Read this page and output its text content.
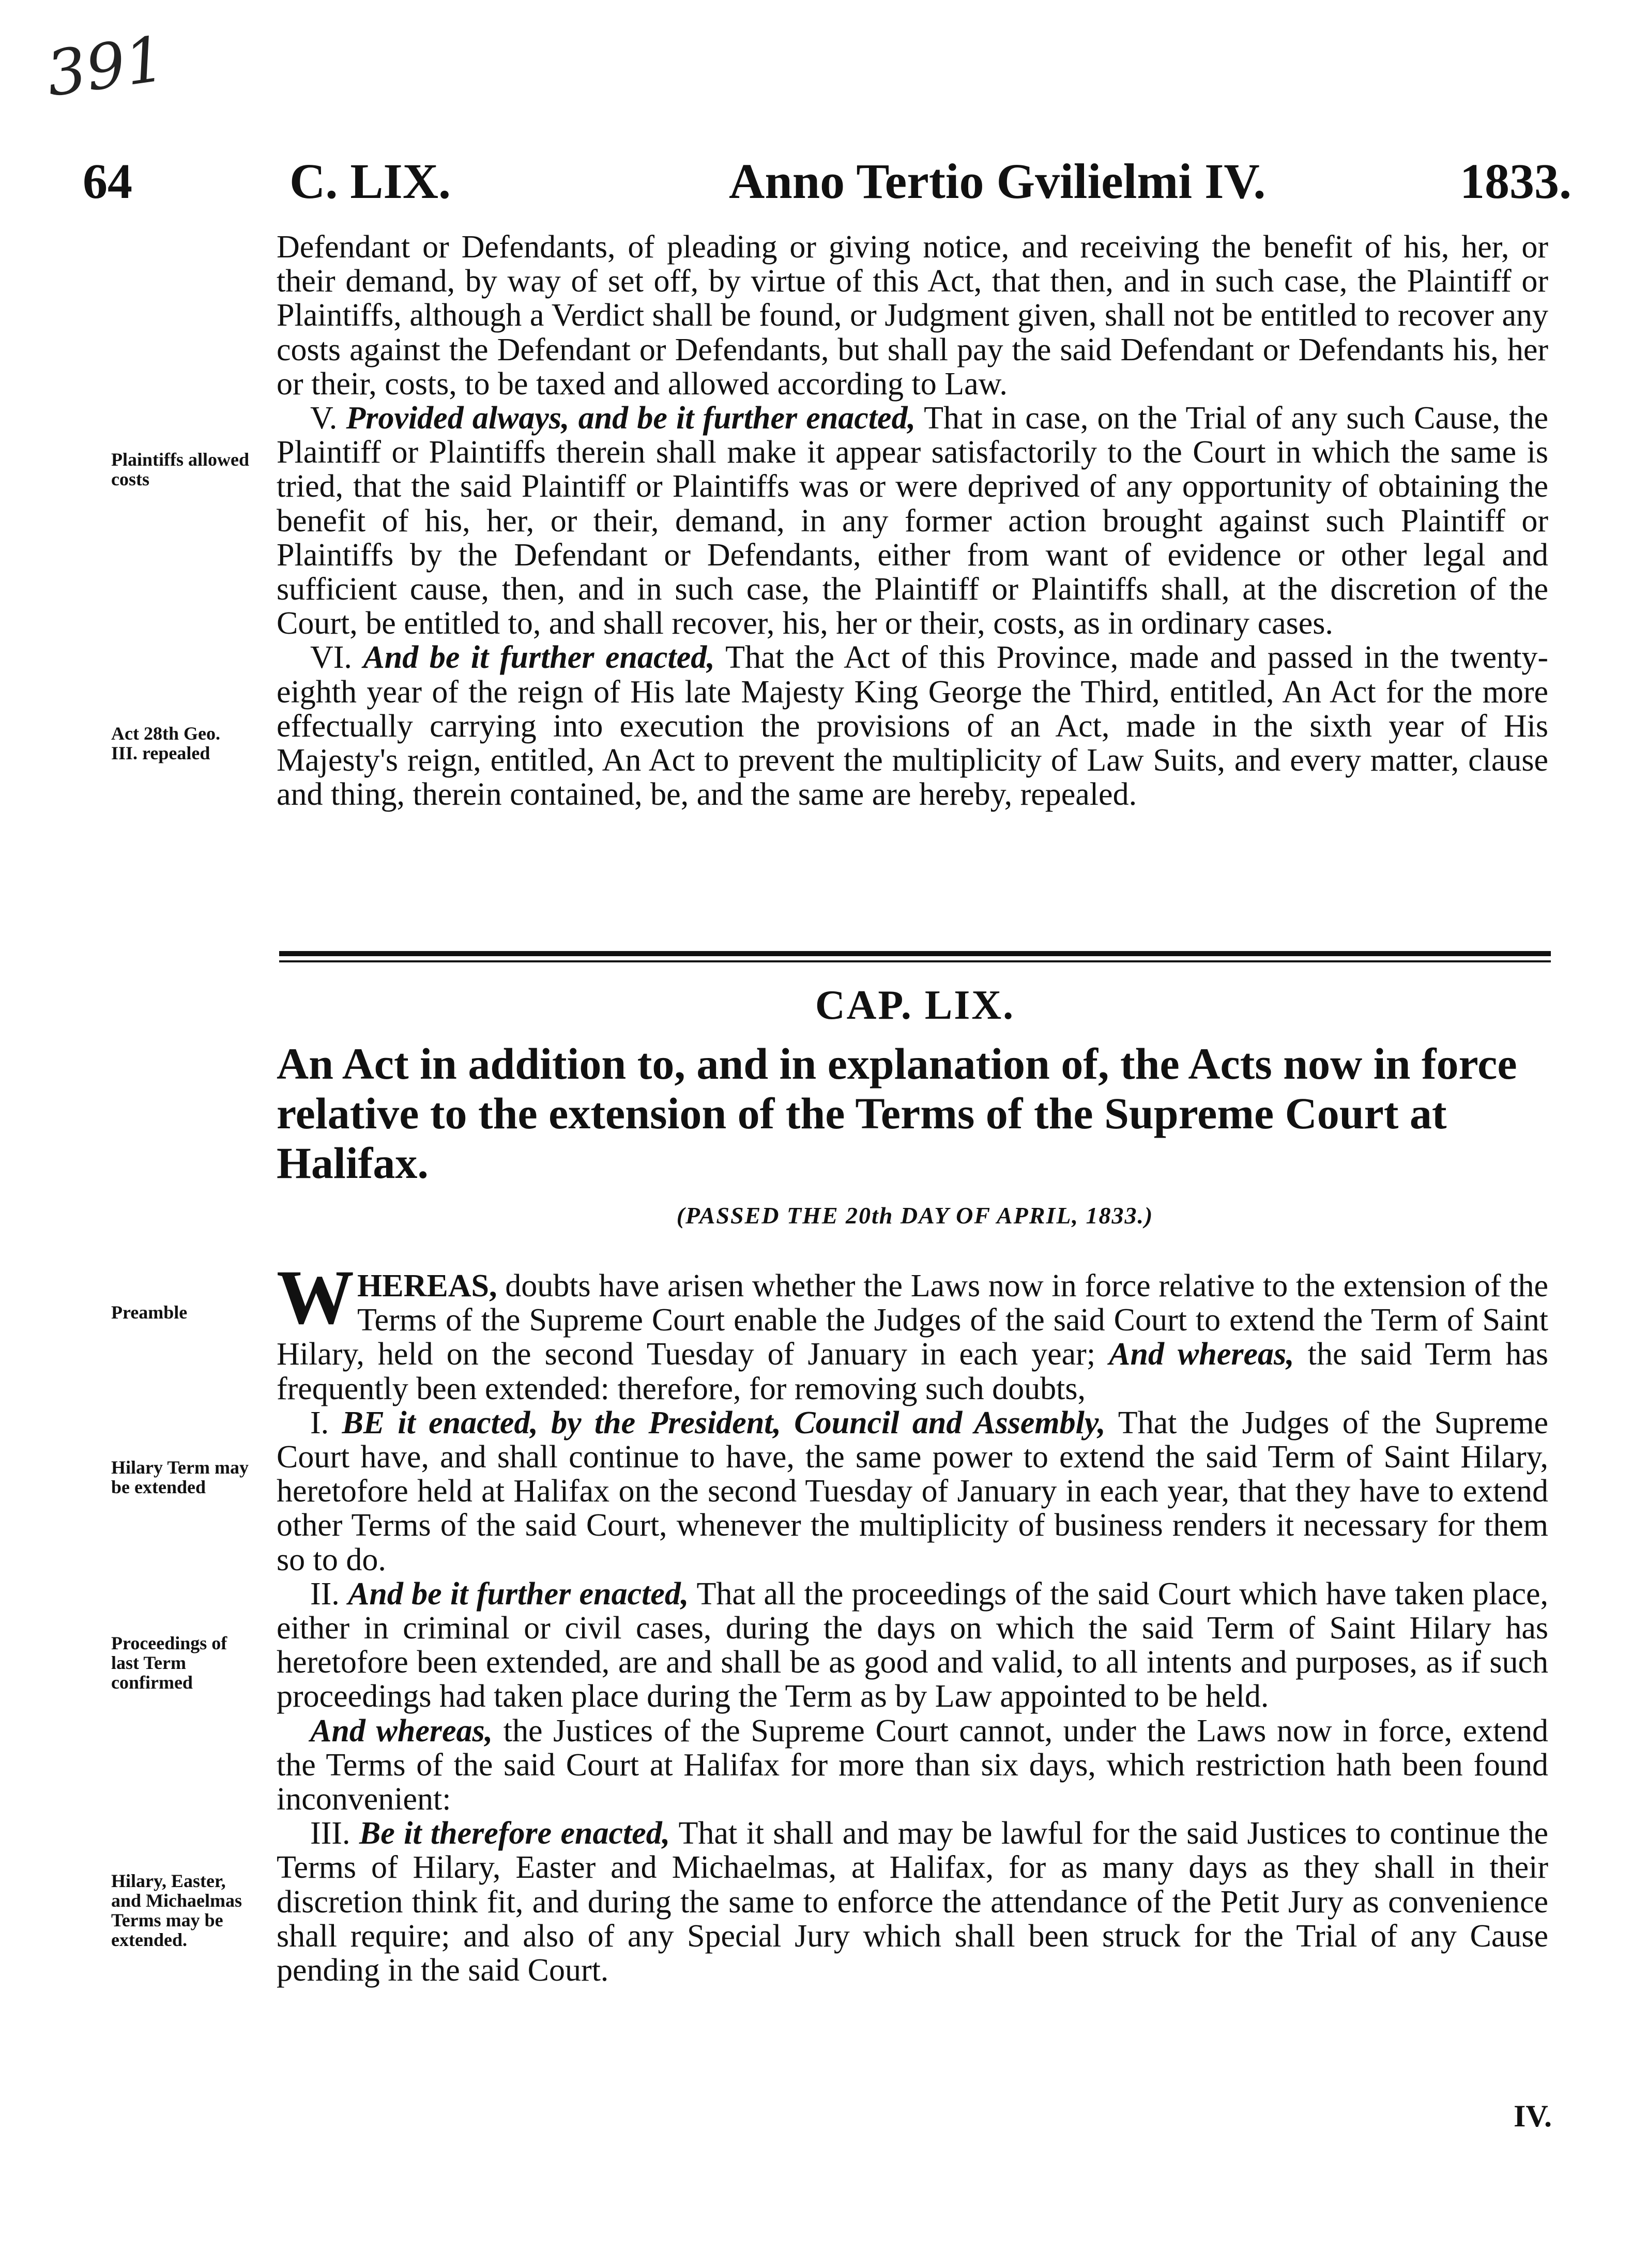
391
64	C. LIX.	Anno Tertio Gvilielmi IV.	1833.

Defendant or Defendants, of pleading or giving notice, and receiving the benefit of his, her, or their demand, by way of set off, by virtue of this Act, that then, and in such case, the Plaintiff or Plaintiffs, although a Verdict shall be found, or Judgment given, shall not be entitled to recover any costs against the Defendant or Defendants, but shall pay the said Defendant or Defendants his, her or their, costs, to be taxed and allowed according to Law.

V. Provided always, and be it further enacted, That in case, on the Trial of any such Cause, the Plaintiff or Plaintiffs therein shall make it appear satisfactorily to the Court in which the same is tried, that the said Plaintiff or Plaintiffs was or were deprived of any opportunity of obtaining the benefit of his, her, or their, demand, in any former action brought against such Plaintiff or Plaintiffs by the Defendant or Defendants, either from want of evidence or other legal and sufficient cause, then, and in such case, the Plaintiff or Plaintiffs shall, at the discretion of the Court, be entitled to, and shall recover, his, her or their, costs, as in ordinary cases.

VI. And be it further enacted, That the Act of this Province, made and passed in the twenty-eighth year of the reign of His late Majesty King George the Third, entitled, An Act for the more effectually carrying into execution the provisions of an Act, made in the sixth year of His Majesty's reign, entitled, An Act to prevent the multiplicity of Law Suits, and every matter, clause and thing, therein contained, be, and the same are hereby, repealed.

Plaintiffs allowed costs
Act 28th Geo. III. repealed
CAP. LIX.
An Act in addition to, and in explanation of, the Acts now in force relative to the extension of the Terms of the Supreme Court at Halifax.
(PASSED THE 20th DAY OF APRIL, 1833.)

W HEREAS, doubts have arisen whether the Laws now in force relative to the extension of the Terms of the Supreme Court enable the Judges of the said Court to extend the Term of Saint Hilary, held on the second Tuesday of January in each year; And whereas, the said Term has frequently been extended: therefore, for removing such doubts,

I. BE it enacted, by the President, Council and Assembly, That the Judges of the Supreme Court have, and shall continue to have, the same power to extend the said Term of Saint Hilary, heretofore held at Halifax on the second Tuesday of January in each year, that they have to extend other Terms of the said Court, whenever the multiplicity of business renders it necessary for them so to do.

II. And be it further enacted, That all the proceedings of the said Court which have taken place, either in criminal or civil cases, during the days on which the said Term of Saint Hilary has heretofore been extended, are and shall be as good and valid, to all intents and purposes, as if such proceedings had taken place during the Term as by Law appointed to be held.

And whereas, the Justices of the Supreme Court cannot, under the Laws now in force, extend the Terms of the said Court at Halifax for more than six days, which restriction hath been found inconvenient:

III. Be it therefore enacted, That it shall and may be lawful for the said Justices to continue the Terms of Hilary, Easter and Michaelmas, at Halifax, for as many days as they shall in their discretion think fit, and during the same to enforce the attendance of the Petit Jury as convenience shall require; and also of any Special Jury which shall been struck for the Trial of any Cause pending in the said Court.

Preamble
Hilary Term may be extended
Proceedings of last Term confirmed
Hilary, Easter, and Michaelmas Terms may be extended.
IV.
